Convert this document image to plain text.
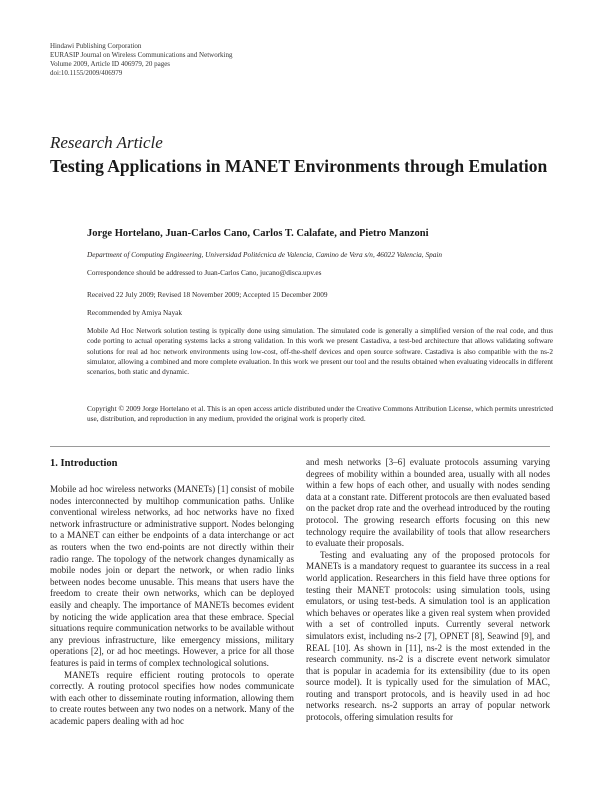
Hindawi Publishing Corporation
EURASIP Journal on Wireless Communications and Networking
Volume 2009, Article ID 406979, 20 pages
doi:10.1155/2009/406979
Research Article
Testing Applications in MANET Environments through Emulation
Jorge Hortelano, Juan-Carlos Cano, Carlos T. Calafate, and Pietro Manzoni
Department of Computing Engineering, Universidad Politécnica de Valencia, Camino de Vera s/n, 46022 Valencia, Spain
Correspondence should be addressed to Juan-Carlos Cano, jucano@disca.upv.es
Received 22 July 2009; Revised 18 November 2009; Accepted 15 December 2009
Recommended by Amiya Nayak
Mobile Ad Hoc Network solution testing is typically done using simulation. The simulated code is generally a simplified version of the real code, and thus code porting to actual operating systems lacks a strong validation. In this work we present Castadiva, a test-bed architecture that allows validating software solutions for real ad hoc network environments using low-cost, off-the-shelf devices and open source software. Castadiva is also compatible with the ns-2 simulator, allowing a combined and more complete evaluation. In this work we present our tool and the results obtained when evaluating videocalls in different scenarios, both static and dynamic.
Copyright © 2009 Jorge Hortelano et al. This is an open access article distributed under the Creative Commons Attribution License, which permits unrestricted use, distribution, and reproduction in any medium, provided the original work is properly cited.
1. Introduction

Mobile ad hoc wireless networks (MANETs) [1] consist of mobile nodes interconnected by multihop communication paths. Unlike conventional wireless networks, ad hoc networks have no fixed network infrastructure or administrative support. Nodes belonging to a MANET can either be endpoints of a data interchange or act as routers when the two end-points are not directly within their radio range. The topology of the network changes dynamically as mobile nodes join or depart the network, or when radio links between nodes become unusable. This means that users have the freedom to create their own networks, which can be deployed easily and cheaply. The importance of MANETs becomes evident by noticing the wide application area that these embrace. Special situations require communication networks to be available without any previous infrastructure, like emergency missions, military operations [2], or ad hoc meetings. However, a price for all those features is paid in terms of complex technological solutions.

MANETs require efficient routing protocols to operate correctly. A routing protocol specifies how nodes communicate with each other to disseminate routing information, allowing them to create routes between any two nodes on a network. Many of the academic papers dealing with ad hoc

and mesh networks [3–6] evaluate protocols assuming varying degrees of mobility within a bounded area, usually with all nodes within a few hops of each other, and usually with nodes sending data at a constant rate. Different protocols are then evaluated based on the packet drop rate and the overhead introduced by the routing protocol. The growing research efforts focusing on this new technology require the availability of tools that allow researchers to evaluate their proposals.

Testing and evaluating any of the proposed protocols for MANETs is a mandatory request to guarantee its success in a real world application. Researchers in this field have three options for testing their MANET protocols: using simulation tools, using emulators, or using test-beds. A simulation tool is an application which behaves or operates like a given real system when provided with a set of controlled inputs. Currently several network simulators exist, including ns-2 [7], OPNET [8], Seawind [9], and REAL [10]. As shown in [11], ns-2 is the most extended in the research community. ns-2 is a discrete event network simulator that is popular in academia for its extensibility (due to its open source model). It is typically used for the simulation of MAC, routing and transport protocols, and is heavily used in ad hoc networks research. ns-2 supports an array of popular network protocols, offering simulation results for
